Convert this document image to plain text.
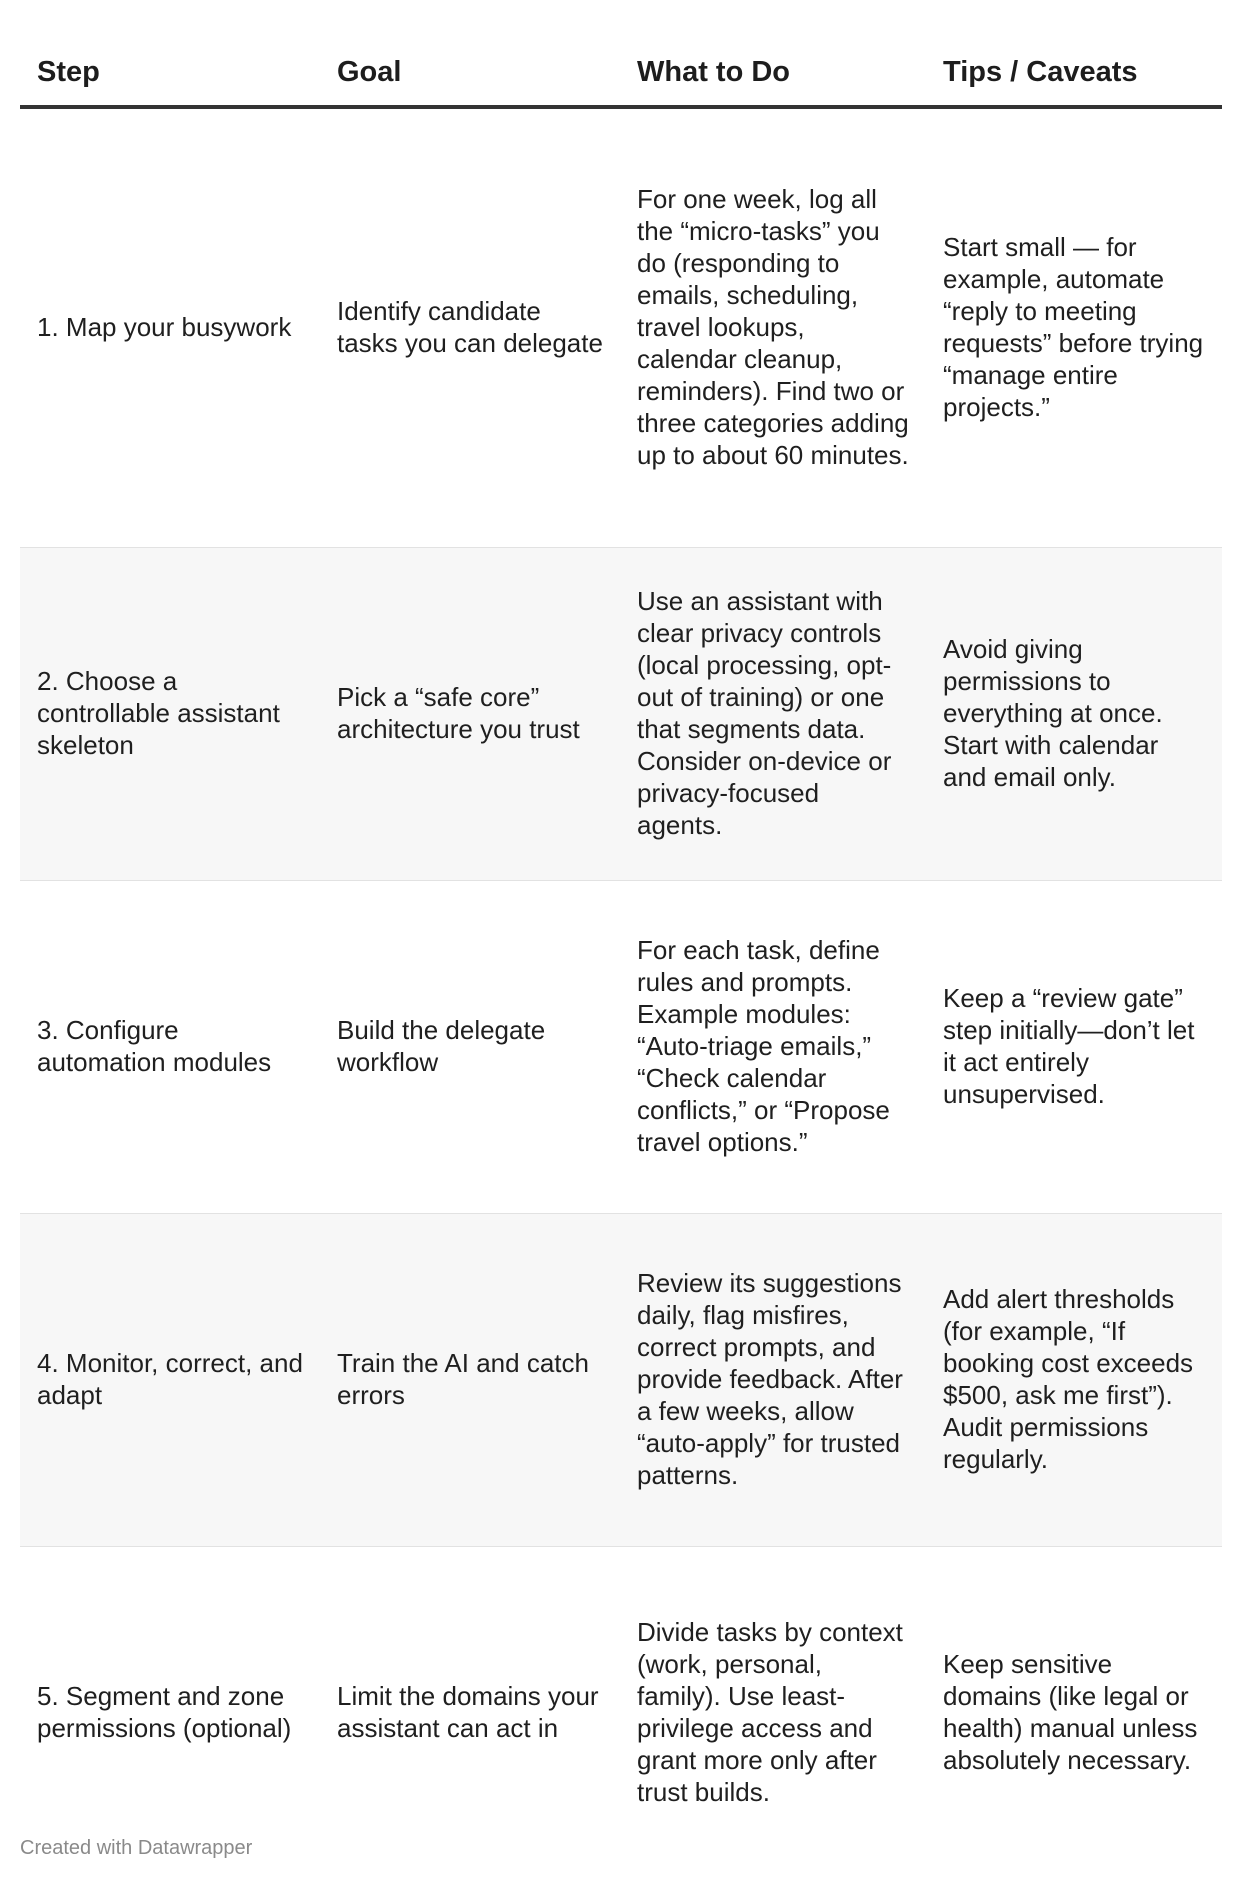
Step	Goal	What to Do	Tips / Caveats
1. Map your busywork	Identify candidate tasks you can delegate	For one week, log all the “micro-tasks” you do (responding to emails, scheduling, travel lookups, calendar cleanup, reminders). Find two or three categories adding up to about 60 minutes.	Start small — for example, automate “reply to meeting requests” before trying “manage entire projects.”
2. Choose a controllable assistant skeleton	Pick a “safe core” architecture you trust	Use an assistant with clear privacy controls (local processing, opt-out of training) or one that segments data. Consider on-device or privacy-focused agents.	Avoid giving permissions to everything at once. Start with calendar and email only.
3. Configure automation modules	Build the delegate workflow	For each task, define rules and prompts. Example modules: “Auto-triage emails,” “Check calendar conflicts,” or “Propose travel options.”	Keep a “review gate” step initially—don’t let it act entirely unsupervised.
4. Monitor, correct, and adapt	Train the AI and catch errors	Review its suggestions daily, flag misfires, correct prompts, and provide feedback. After a few weeks, allow “auto-apply” for trusted patterns.	Add alert thresholds (for example, “If booking cost exceeds $500, ask me first”). Audit permissions regularly.
5. Segment and zone permissions (optional)	Limit the domains your assistant can act in	Divide tasks by context (work, personal, family). Use least-privilege access and grant more only after trust builds.	Keep sensitive domains (like legal or health) manual unless absolutely necessary.
Created with Datawrapper
